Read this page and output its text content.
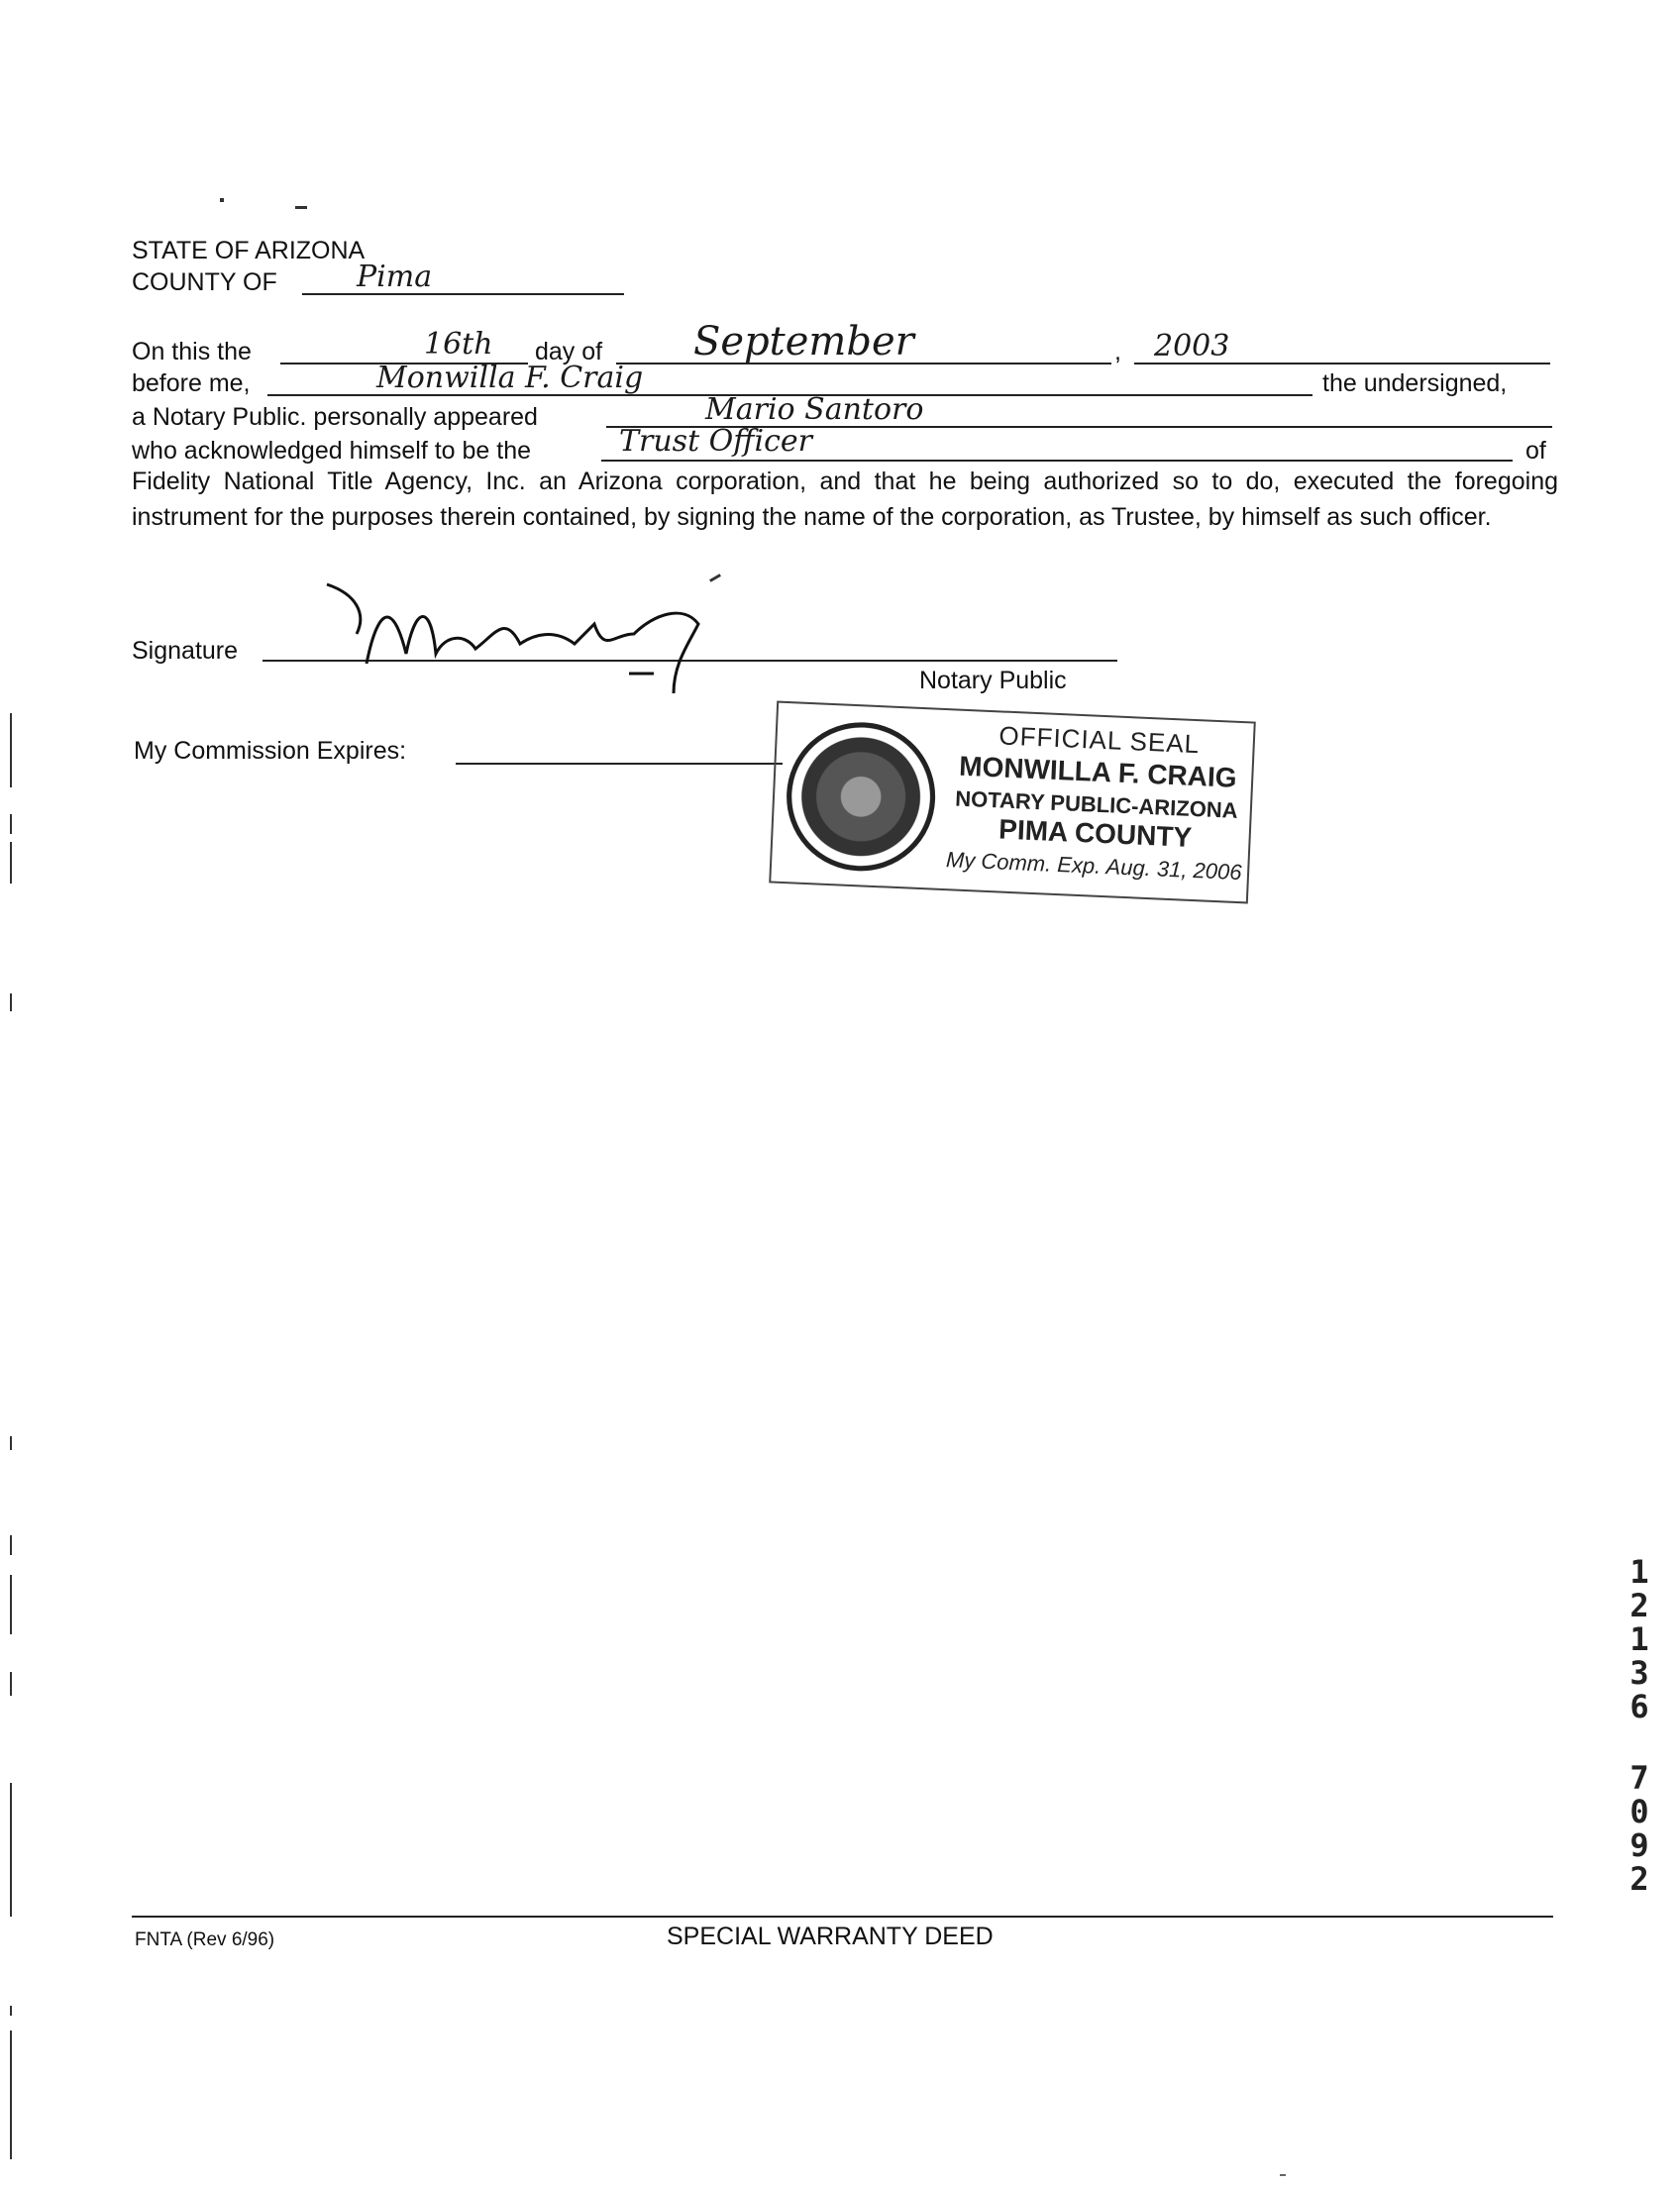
STATE OF ARIZONA
COUNTY OF	Pima
On this the	16th day of September	, 2003
before me,	Monwilla F. Craig	the undersigned,
a Notary Public. personally appeared	Mario Santoro
who acknowledged himself to be the	Trust Officer	of
Fidelity National Title Agency, Inc. an Arizona corporation, and that he being authorized so to do, executed the foregoing instrument for the purposes therein contained, by signing the name of the corporation, as Trustee, by himself as such officer.
Signature
Notary Public
My Commission Expires:	OFFICIAL SEAL
MONWILLA F. CRAIG
NOTARY PUBLIC-ARIZONA
PIMA COUNTY
My Comm. Exp. Aug. 31, 2006
1
2
1
3
6
7
0
9
2
FNTA (Rev 6/96)	SPECIAL WARRANTY DEED
